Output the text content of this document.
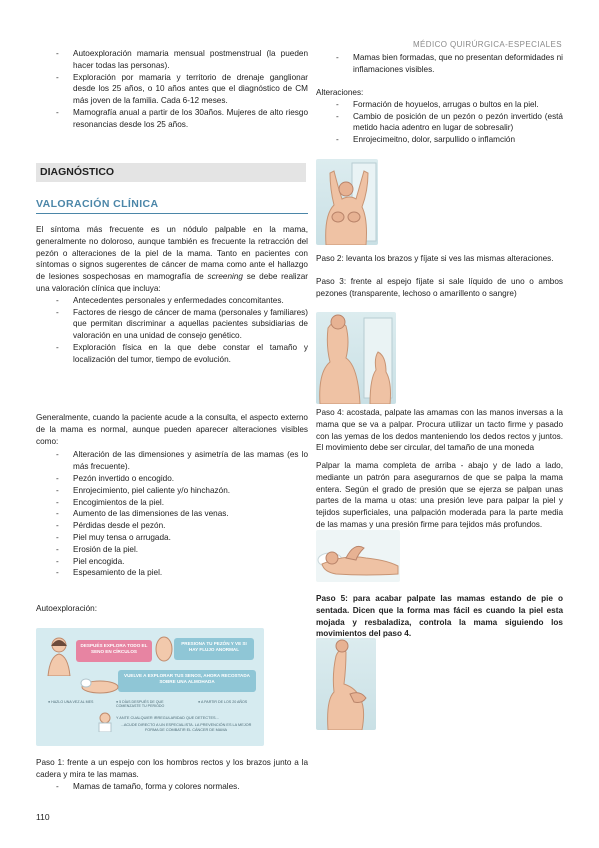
MÉDICO QUIRÚRGICA-ESPECIALES
- Autoexploración mamaria mensual postmenstrual (la pueden hacer todas las personas).
- Exploración por mamaria y territorio de drenaje ganglionar desde los 25 años, o 10 años antes que el diagnóstico de CM más joven de la familia. Cada 6-12 meses.
- Mamografía anual a partir de los 30años. Mujeres de alto riesgo resonancias desde los 25 años.
DIAGNÓSTICO
VALORACIÓN CLÍNICA

El síntoma más frecuente es un nódulo palpable en la mama, generalmente no doloroso, aunque también es frecuente la retracción del pezón o alteraciones de la piel de la mama. Tanto en pacientes con síntomas o signos sugerentes de cáncer de mama como ante el hallazgo de lesiones sospechosas en mamografía de screening se debe realizar una valoración clínica que incluya:

- Antecedentes personales y enfermedades concomitantes.
- Factores de riesgo de cáncer de mama (personales y familiares) que permitan discriminar a aquellas pacientes subsidiarias de valoración en una unidad de consejo genético.
- Exploración física en la que debe constar el tamaño y localización del tumor, tiempo de evolución.

Generalmente, cuando la paciente acude a la consulta, el aspecto externo de la mama es normal, aunque pueden aparecer alteraciones visibles como:

- Alteración de las dimensiones y asimetría de las mamas (es lo más frecuente).
- Pezón invertido o encogido.
- Enrojecimiento, piel caliente y/o hinchazón.
- Encogimientos de la piel.
- Aumento de las dimensiones de las venas.
- Pérdidas desde el pezón.
- Piel muy tensa o arrugada.
- Erosión de la piel.
- Piel encogida.
- Espesamiento de la piel.
Autoexploración:
DESPUÉS EXPLORA TODO EL SENO EN CÍRCULOS
PRESIONA TU PEZÓN Y VE SI HAY FLUJO ANORMAL
VUELVE A EXPLORAR TUS SENOS, AHORA RECOSTADA SOBRE UNA ALMOHADA
● HAZLO UNA VEZ AL MES	● 5 DÍAS DESPUÉS DE QUE COMENZASTE TU PERIODO
● A PARTIR DE LOS 20 AÑOS
Y ANTE CUALQUIER IRREGULARIDAD QUE DETECTES...
...ACUDE DIRECTO A UN ESPECIALISTA. LA PREVENCIÓN ES LA MEJOR FORMA DE COMBATIR EL CÁNCER DE MAMA

Paso 1: frente a un espejo con los hombros rectos y los brazos junto a la cadera y mira te las mamas.

- Mamas de tamaño, forma y colores normales.
110
- Mamas bien formadas, que no presentan deformidades ni inflamaciones visibles.

Alteraciones:

- Formación de hoyuelos, arrugas o bultos en la piel.
- Cambio de posición de un pezón o pezón invertido (está metido hacia adentro en lugar de sobresalir)
- Enrojecimeitno, dolor, sarpullido o inflamción

Paso 2: levanta los brazos y fíjate si ves las mismas alteraciones.

Paso 3: frente al espejo fíjate si sale líquido de uno o ambos pezones (transparente, lechoso o amarillento o sangre)

Paso 4: acostada, palpate las amamas con las manos inversas a la mama que se va a palpar. Procura utilizar un tacto firme y pasado con las yemas de los dedos manteniendo los dedos rectos y juntos. El movimiento debe ser circular, del tamaño de una moneda

Palpar la mama completa de arriba - abajo y de lado a lado, mediante un patrón para asegurarnos de que se palpa la mama entera. Según el grado de presión que se ejerza se palpan unas partes de la mama u otas: una presión leve para palpar la piel y tejidos superficiales, una palpación moderada para la parte media de las mamas y una presión firme para tejidos más profundos.

Paso 5: para acabar palpate las mamas estando de pie o sentada. Dicen que la forma mas fácil es cuando la piel esta mojada y resbaladiza, controla la mama siguiendo los movimientos del paso 4.
